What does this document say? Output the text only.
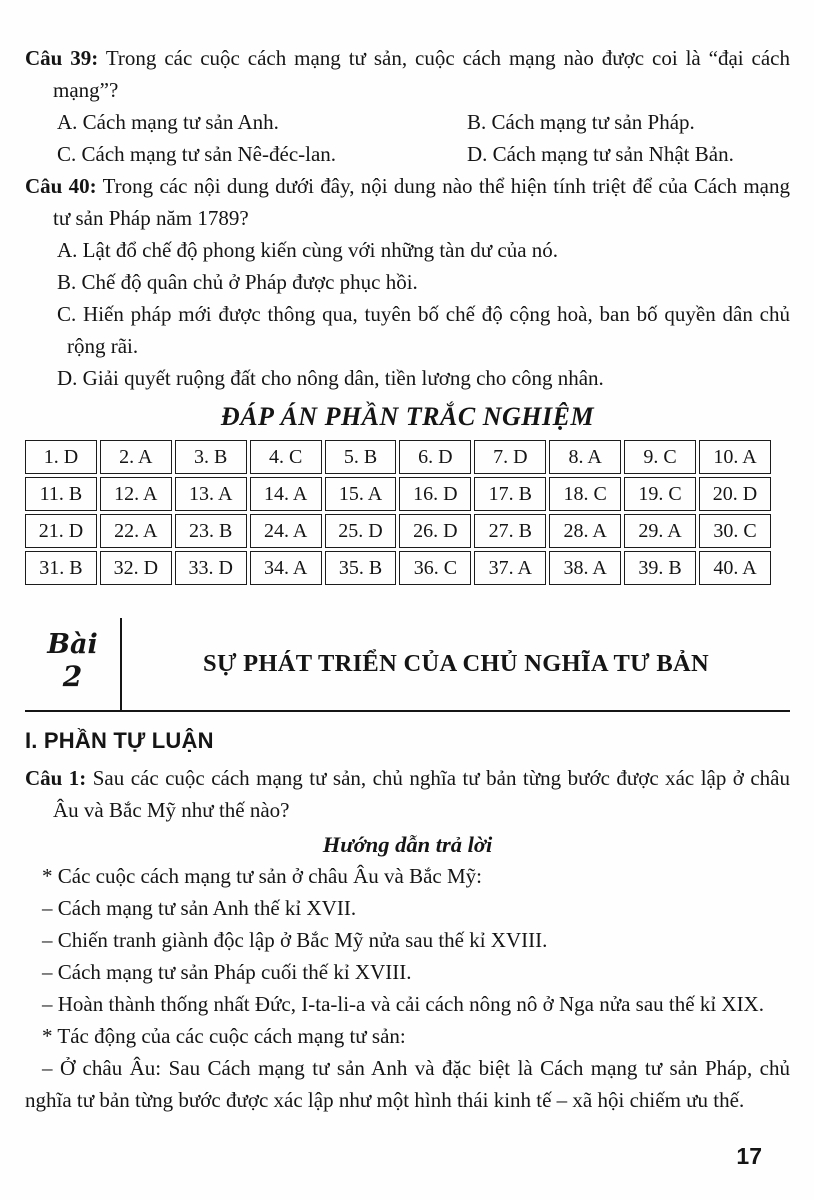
Câu 39: Trong các cuộc cách mạng tư sản, cuộc cách mạng nào được coi là “đại cách mạng”?

A. Cách mạng tư sản Anh.	B. Cách mạng tư sản Pháp.
C. Cách mạng tư sản Nê-đéc-lan.	D. Cách mạng tư sản Nhật Bản.

Câu 40: Trong các nội dung dưới đây, nội dung nào thể hiện tính triệt để của Cách mạng tư sản Pháp năm 1789?

A. Lật đổ chế độ phong kiến cùng với những tàn dư của nó.
B. Chế độ quân chủ ở Pháp được phục hồi.
C. Hiến pháp mới được thông qua, tuyên bố chế độ cộng hoà, ban bố quyền dân chủ rộng rãi.
D. Giải quyết ruộng đất cho nông dân, tiền lương cho công nhân.
ĐÁP ÁN PHẦN TRẮC NGHIỆM
1. D	2. A	3. B	4. C	5. B	6. D	7. D	8. A	9. C	10. A
11. B	12. A	13. A	14. A	15. A	16. D	17. B	18. C	19. C	20. D
21. D	22. A	23. B	24. A	25. D	26. D	27. B	28. A	29. A	30. C
31. B	32. D	33. D	34. A	35. B	36. C	37. A	38. A	39. B	40. A
Bài
2	SỰ PHÁT TRIỂN CỦA CHỦ NGHĨA TƯ BẢN
I. PHẦN TỰ LUẬN

Câu 1: Sau các cuộc cách mạng tư sản, chủ nghĩa tư bản từng bước được xác lập ở châu Âu và Bắc Mỹ như thế nào?

Hướng dẫn trả lời

* Các cuộc cách mạng tư sản ở châu Âu và Bắc Mỹ:

– Cách mạng tư sản Anh thế kỉ XVII.

– Chiến tranh giành độc lập ở Bắc Mỹ nửa sau thế kỉ XVIII.

– Cách mạng tư sản Pháp cuối thế kỉ XVIII.

– Hoàn thành thống nhất Đức, I-ta-li-a và cải cách nông nô ở Nga nửa sau thế kỉ XIX.

* Tác động của các cuộc cách mạng tư sản:

– Ở châu Âu: Sau Cách mạng tư sản Anh và đặc biệt là Cách mạng tư sản Pháp, chủ nghĩa tư bản từng bước được xác lập như một hình thái kinh tế – xã hội chiếm ưu thế.

17
